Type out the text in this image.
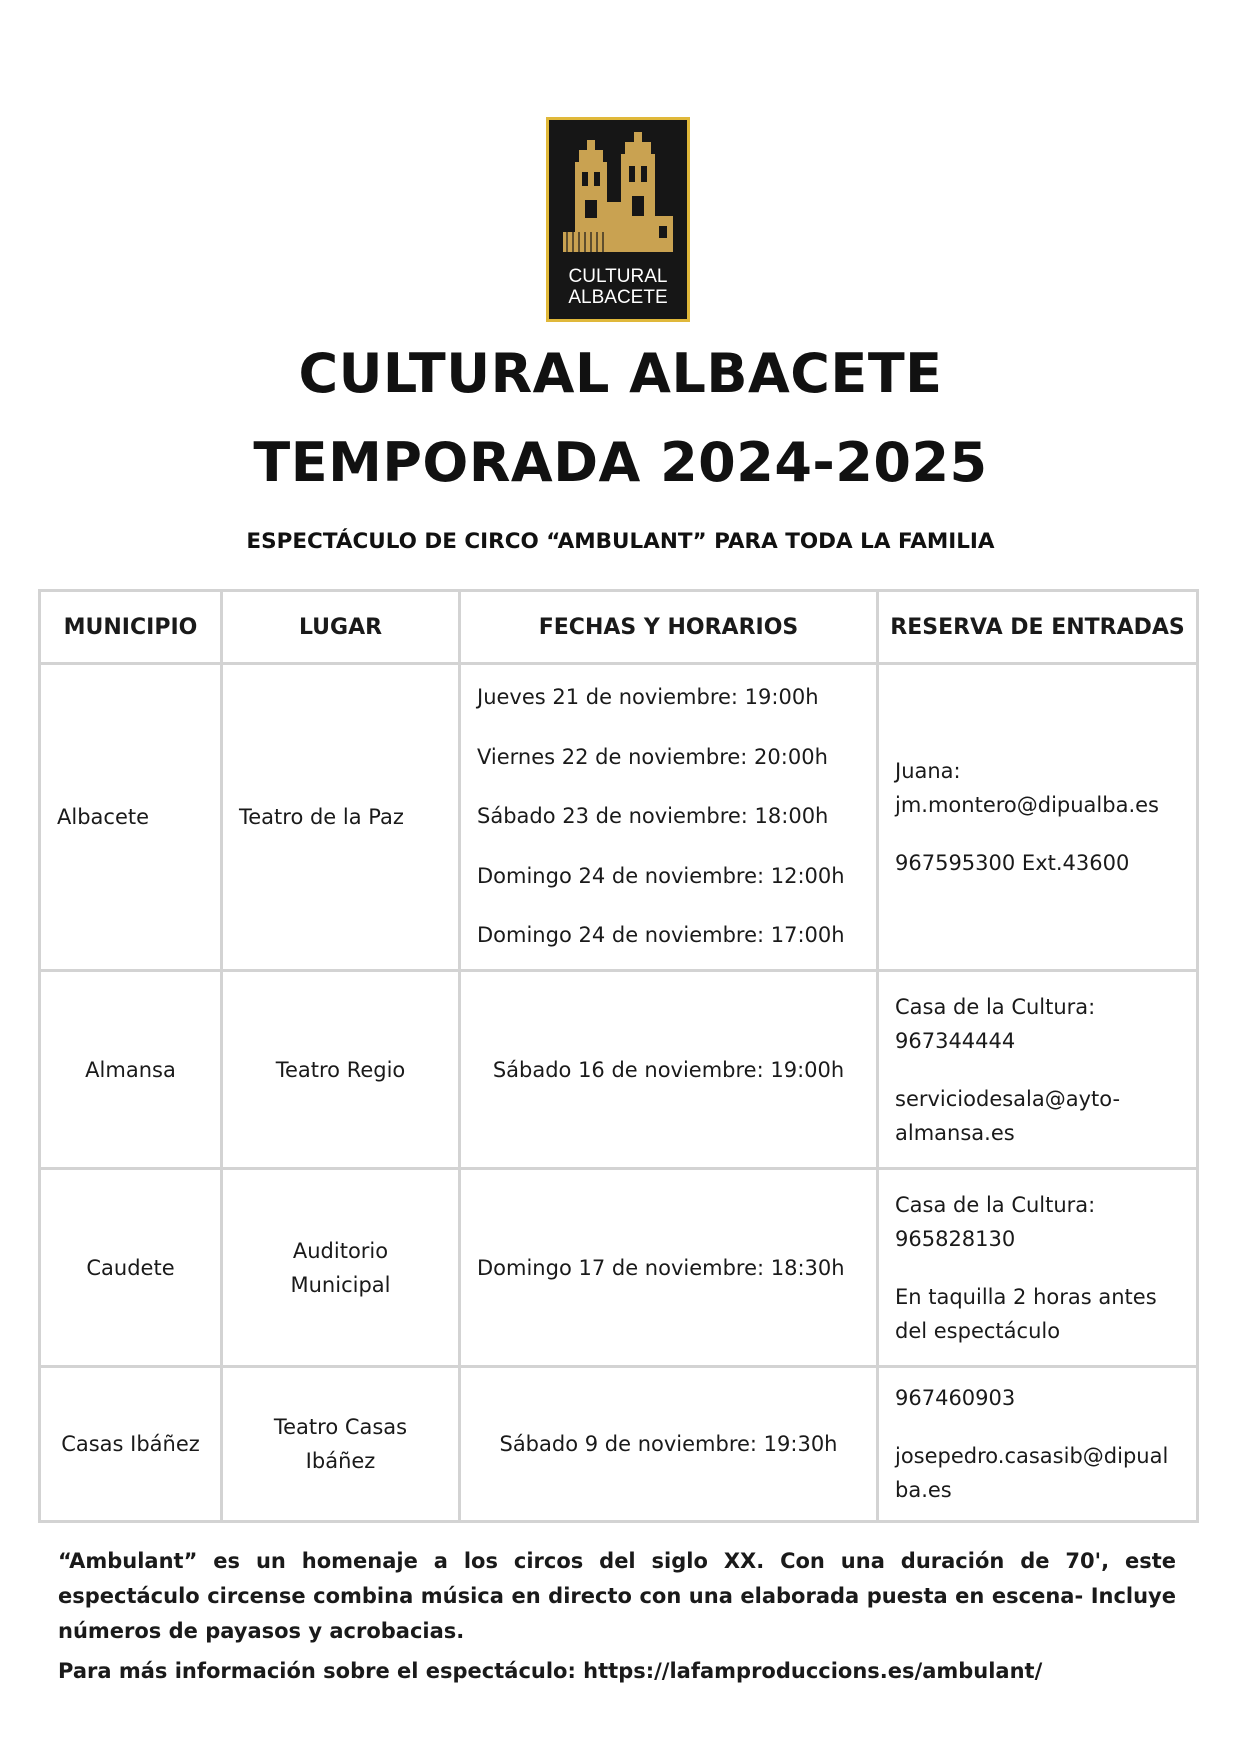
CULTURAL
ALBACETE
CULTURAL ALBACETE
TEMPORADA 2024-2025

ESPECTÁCULO DE CIRCO “AMBULANT” PARA TODA LA FAMILIA

MUNICIPIO	LUGAR	FECHAS Y HORARIOS	RESERVA DE ENTRADAS
Albacete	Teatro de la Paz	Jueves 21 de noviembre: 19:00h
Viernes 22 de noviembre: 20:00h
Sábado 23 de noviembre: 18:00h
Domingo 24 de noviembre: 12:00h
Domingo 24 de noviembre: 17:00h	Juana:
jm.montero@dipualba.es
967595300 Ext.43600

Almansa	Teatro Regio	Sábado 16 de noviembre: 19:00h	Casa de la Cultura:
967344444
serviciodesala@ayto-
almansa.es

Caudete	Auditorio
Municipal	Domingo 17 de noviembre: 18:30h	Casa de la Cultura:
965828130
En taquilla 2 horas antes
del espectáculo

Casas Ibáñez	Teatro Casas
Ibáñez	Sábado 9 de noviembre: 19:30h	967460903
josepedro.casasib@dipual
ba.es

“Ambulant” es un homenaje a los circos del siglo XX. Con una duración de 70', este espectáculo circense combina música en directo con una elaborada puesta en escena- Incluye números de payasos y acrobacias.

Para más información sobre el espectáculo: https://lafamproduccions.es/ambulant/
